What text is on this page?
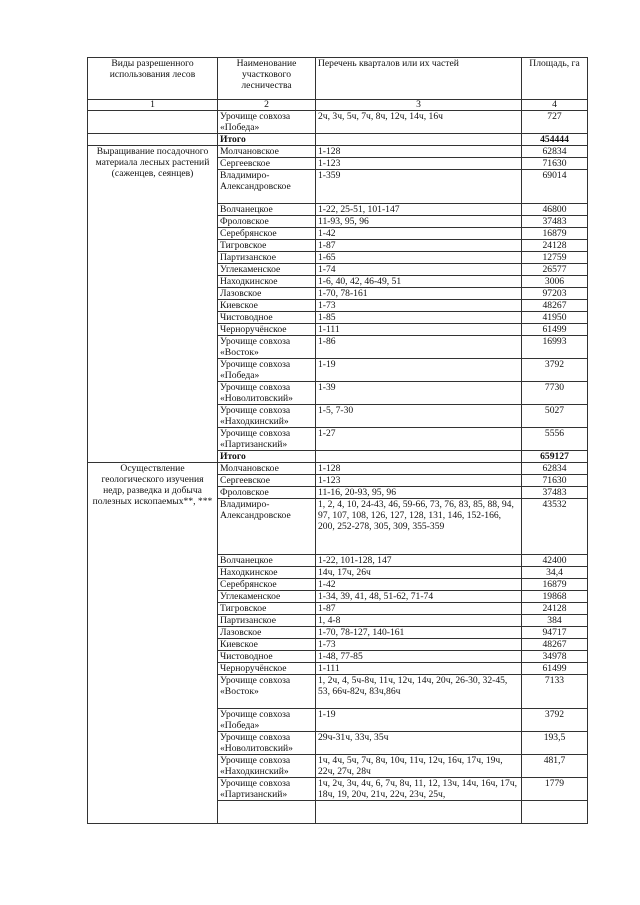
Виды разрешенного использования лесов	Наименование участкового лесничества	Перечень кварталов или их частей	Площадь, га
1	2	3	4
	Урочище совхоза «Победа»	2ч, 3ч, 5ч, 7ч, 8ч, 12ч, 14ч, 16ч	727
	Итого		454444
Выращивание посадочного материала лесных растений (саженцев, сеянцев)	Молчановское	1-128	62834
	Сергеевское	1-123	71630
	Владимиро-Александровское	1-359	69014
	Волчанецкое	1-22, 25-51, 101-147	46800
	Фроловское	11-93, 95, 96	37483
	Серебрянское	1-42	16879
	Тигровское	1-87	24128
	Партизанское	1-65	12759
	Углекаменское	1-74	26577
	Находкинское	1-6, 40, 42, 46-49, 51	3006
	Лазовское	1-70, 78-161	97203
	Киевское	1-73	48267
	Чистоводное	1-85	41950
	Черноручёнское	1-111	61499
	Урочище совхоза «Восток»	1-86	16993
	Урочище совхоза «Победа»	1-19	3792
	Урочище совхоза «Новолитовский»	1-39	7730
	Урочище совхоза «Находкинский»	1-5, 7-30	5027
	Урочище совхоза «Партизанский»	1-27	5556
	Итого		659127
Осуществление геологического изучения недр, разведка и добыча полезных ископаемых**, ***	Молчановское	1-128	62834
	Сергеевское	1-123	71630
	Фроловское	11-16, 20-93, 95, 96	37483
	Владимиро-Александровское	1, 2, 4, 10, 24-43, 46, 59-66, 73, 76, 83, 85, 88, 94, 97, 107, 108, 126, 127, 128, 131, 146, 152-166, 200, 252-278, 305, 309, 355-359	43532
	Волчанецкое	1-22, 101-128, 147	42400
	Находкинское	14ч, 17ч, 26ч	34,4
	Серебрянское	1-42	16879
	Углекаменское	1-34, 39, 41, 48, 51-62, 71-74	19868
	Тигровское	1-87	24128
	Партизанское	1, 4-8	384
	Лазовское	1-70, 78-127, 140-161	94717
	Киевское	1-73	48267
	Чистоводное	1-48, 77-85	34978
	Черноручёнское	1-111	61499
	Урочище совхоза «Восток»	1, 2ч, 4, 5ч-8ч, 11ч, 12ч, 14ч, 20ч, 26-30, 32-45, 53, 66ч-82ч, 83ч,86ч	7133
	Урочище совхоза «Победа»	1-19	3792
	Урочище совхоза «Новолитовский»	29ч-31ч, 33ч, 35ч	193,5
	Урочище совхоза «Находкинский»	1ч, 4ч, 5ч, 7ч, 8ч, 10ч, 11ч, 12ч, 16ч, 17ч, 19ч, 22ч, 27ч, 28ч	481,7
	Урочище совхоза «Партизанский»	1ч, 2ч, 3ч, 4ч, 6, 7ч, 8ч, 11, 12, 13ч, 14ч, 16ч, 17ч, 18ч, 19, 20ч, 21ч, 22ч, 23ч, 25ч,	1779
